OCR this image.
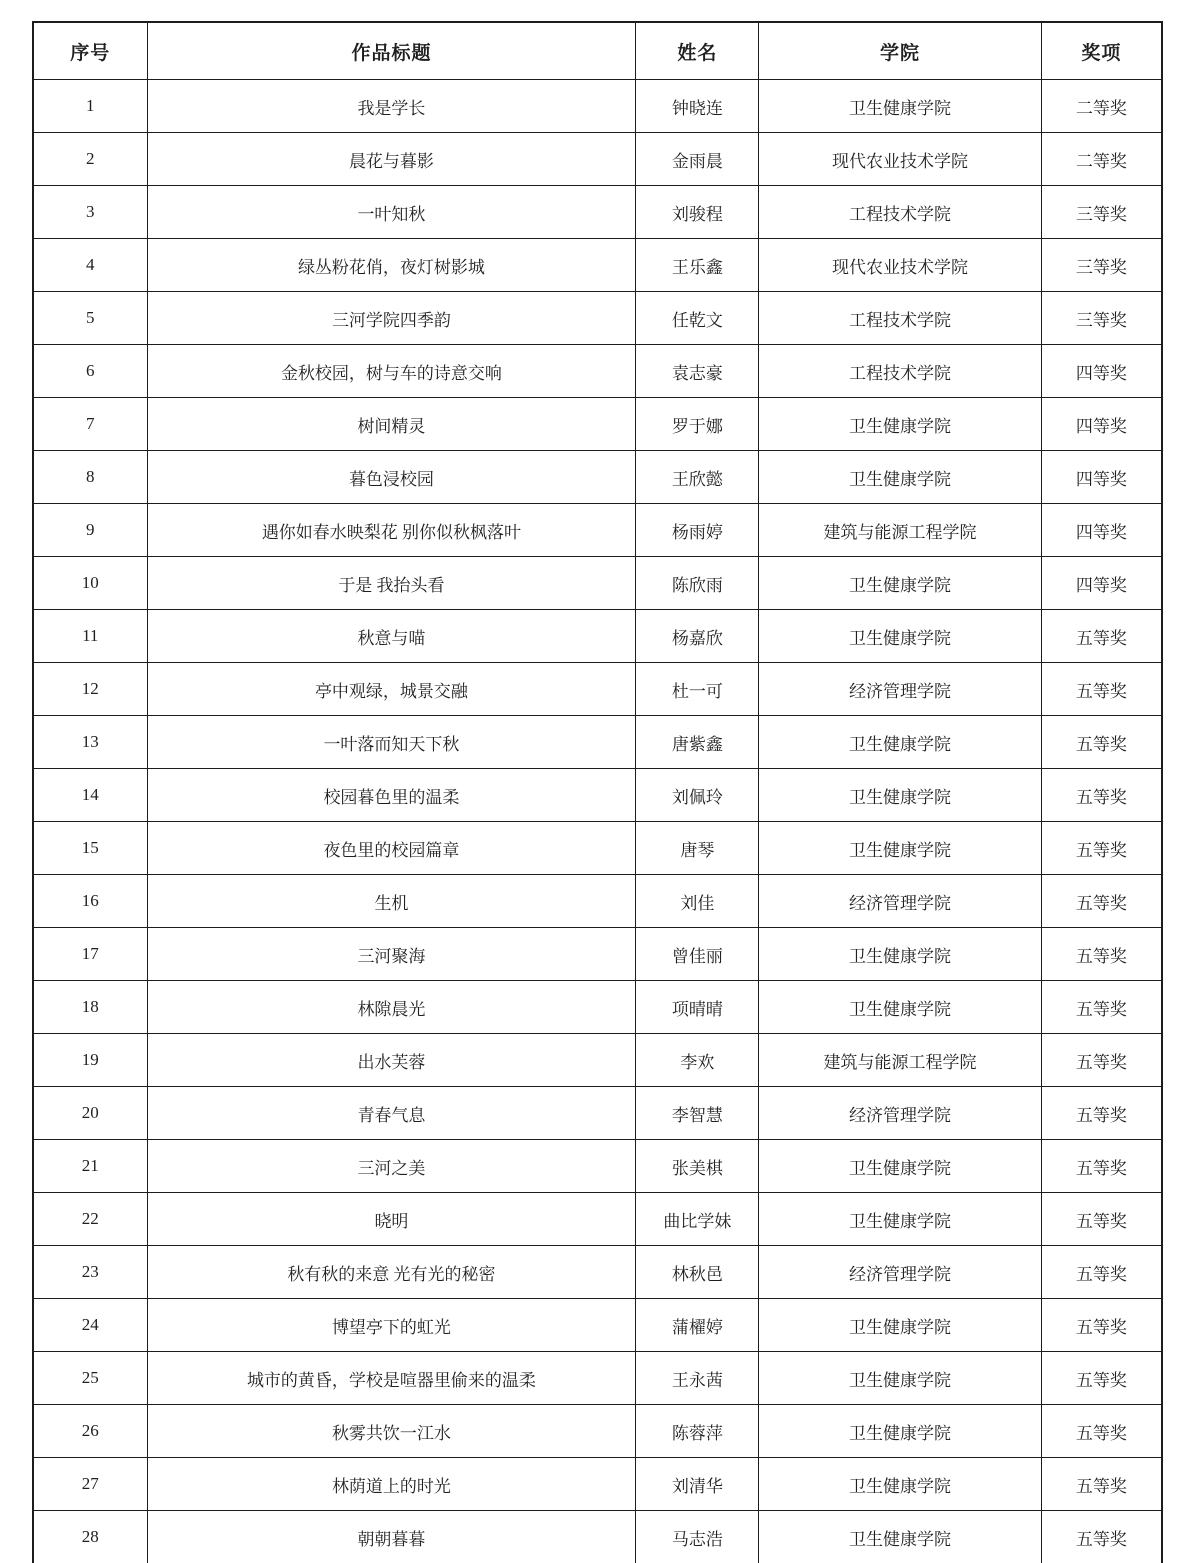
序号	作品标题	姓名	学院	奖项
1	我是学长	钟晓连	卫生健康学院	二等奖
2	晨花与暮影	金雨晨	现代农业技术学院	二等奖
3	一叶知秋	刘骏程	工程技术学院	三等奖
4	绿丛粉花俏，夜灯树影城	王乐鑫	现代农业技术学院	三等奖
5	三河学院四季韵	任乾文	工程技术学院	三等奖
6	金秋校园，树与车的诗意交响	袁志豪	工程技术学院	四等奖
7	树间精灵	罗于娜	卫生健康学院	四等奖
8	暮色浸校园	王欣懿	卫生健康学院	四等奖
9	遇你如春水映梨花 别你似秋枫落叶	杨雨婷	建筑与能源工程学院	四等奖
10	于是 我抬头看	陈欣雨	卫生健康学院	四等奖
11	秋意与喵	杨嘉欣	卫生健康学院	五等奖
12	亭中观绿，城景交融	杜一可	经济管理学院	五等奖
13	一叶落而知天下秋	唐紫鑫	卫生健康学院	五等奖
14	校园暮色里的温柔	刘佩玲	卫生健康学院	五等奖
15	夜色里的校园篇章	唐琴	卫生健康学院	五等奖
16	生机	刘佳	经济管理学院	五等奖
17	三河聚海	曾佳丽	卫生健康学院	五等奖
18	林隙晨光	项晴晴	卫生健康学院	五等奖
19	出水芙蓉	李欢	建筑与能源工程学院	五等奖
20	青春气息	李智慧	经济管理学院	五等奖
21	三河之美	张美棋	卫生健康学院	五等奖
22	晓明	曲比学妹	卫生健康学院	五等奖
23	秋有秋的来意 光有光的秘密	林秋邑	经济管理学院	五等奖
24	博望亭下的虹光	蒲櫂婷	卫生健康学院	五等奖
25	城市的黄昏，学校是喧器里偷来的温柔	王永茜	卫生健康学院	五等奖
26	秋雾共饮一江水	陈蓉萍	卫生健康学院	五等奖
27	林荫道上的时光	刘清华	卫生健康学院	五等奖
28	朝朝暮暮	马志浩	卫生健康学院	五等奖
